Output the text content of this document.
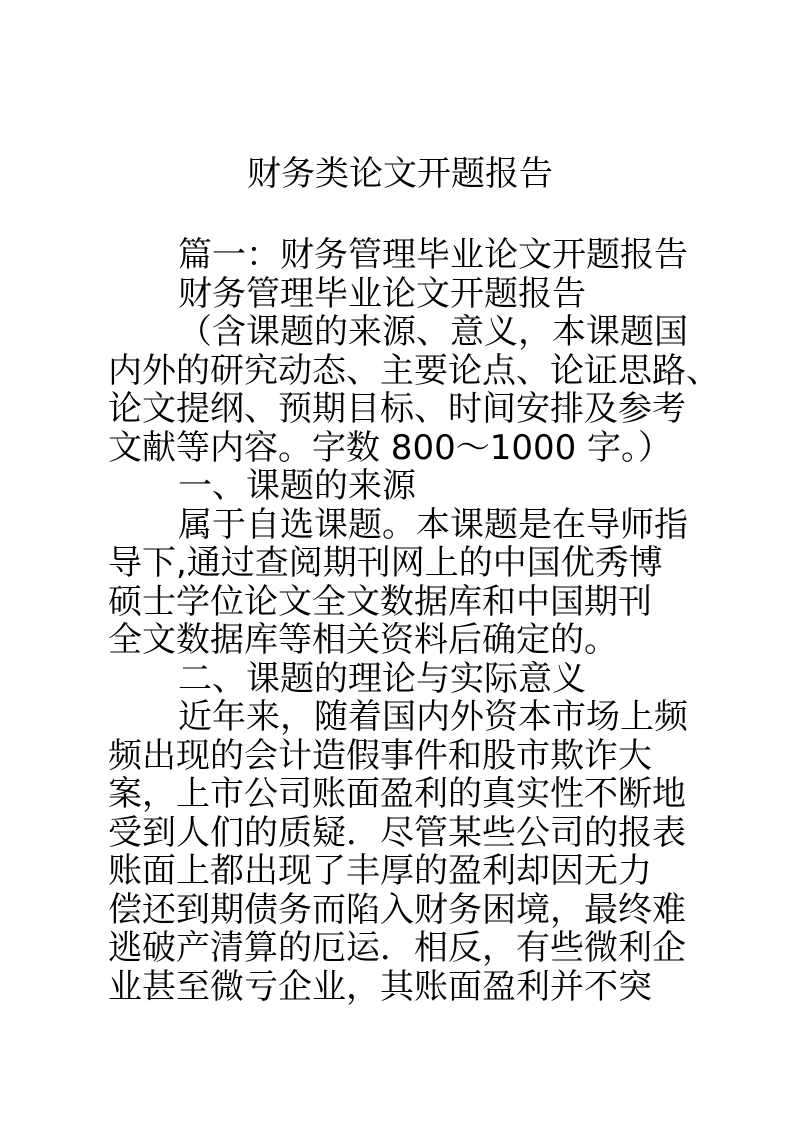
财务类论文开题报告
篇一：财务管理毕业论文开题报告
财务管理毕业论文开题报告
（含课题的来源、意义，本课题国
内外的研究动态、主要论点、论证思路、
论文提纲、预期目标、时间安排及参考
文献等内容。字数 800～1000 字。）
一、课题的来源
属于自选课题。本课题是在导师指
导下,通过查阅期刊网上的中国优秀博
硕士学位论文全文数据库和中国期刊
全文数据库等相关资料后确定的。
二、课题的理论与实际意义
近年来，随着国内外资本市场上频
频出现的会计造假事件和股市欺诈大
案，上市公司账面盈利的真实性不断地
受到人们的质疑．尽管某些公司的报表
账面上都出现了丰厚的盈利却因无力
偿还到期债务而陷入财务困境，最终难
逃破产清算的厄运．相反，有些微利企
业甚至微亏企业，其账面盈利并不突
